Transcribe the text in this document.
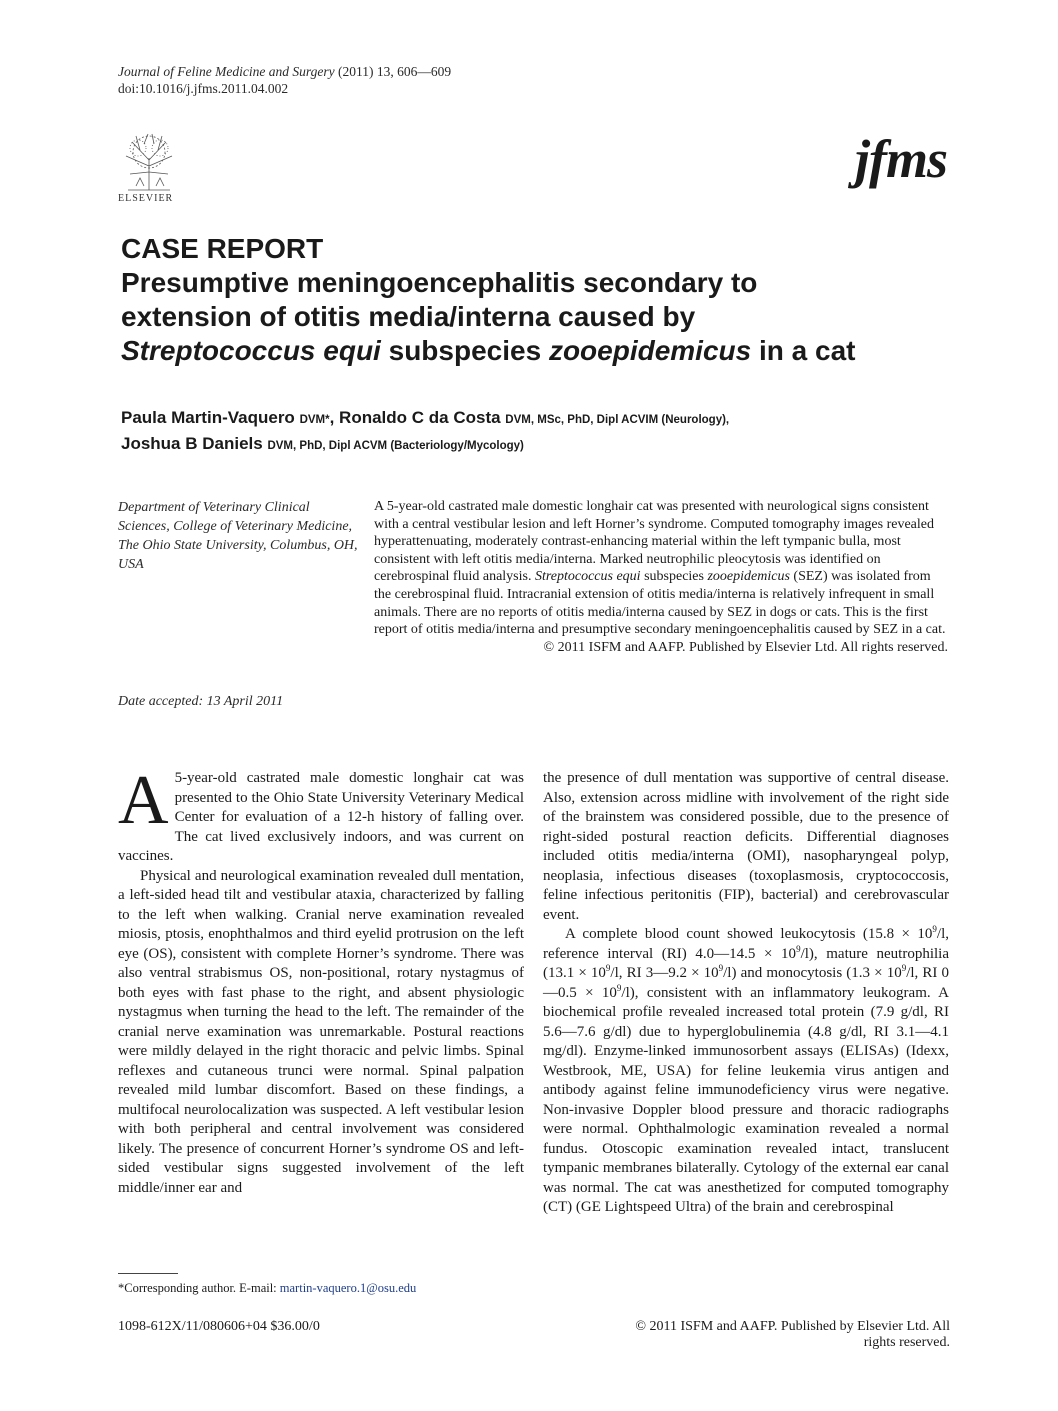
Journal of Feline Medicine and Surgery (2011) 13, 606—609
doi:10.1016/j.jfms.2011.04.002
ELSEVIER
jfms
CASE REPORT
Presumptive meningoencephalitis secondary to
extension of otitis media/interna caused by
Streptococcus equi subspecies zooepidemicus in a cat
Paula Martin-Vaquero DVM*, Ronaldo C da Costa DVM, MSc, PhD, Dipl ACVIM (Neurology),
Joshua B Daniels DVM, PhD, Dipl ACVM (Bacteriology/Mycology)
Department of Veterinary Clinical Sciences, College of Veterinary Medicine, The Ohio State University, Columbus, OH, USA
Date accepted: 13 April 2011
A 5-year-old castrated male domestic longhair cat was presented with neurological signs consistent with a central vestibular lesion and left Horner’s syndrome. Computed tomography images revealed hyperattenuating, moderately contrast-enhancing material within the left tympanic bulla, most consistent with left otitis media/interna. Marked neutrophilic pleocytosis was identified on cerebrospinal fluid analysis. Streptococcus equi subspecies zooepidemicus (SEZ) was isolated from the cerebrospinal fluid. Intracranial extension of otitis media/interna is relatively infrequent in small animals. There are no reports of otitis media/interna caused by SEZ in dogs or cats. This is the first report of otitis media/interna and presumptive secondary meningoencephalitis caused by SEZ in a cat.
© 2011 ISFM and AAFP. Published by Elsevier Ltd. All rights reserved.

A 5-year-old castrated male domestic longhair cat was presented to the Ohio State University Veterinary Medical Center for evaluation of a 12-h history of falling over. The cat lived exclusively indoors, and was current on vaccines.

Physical and neurological examination revealed dull mentation, a left-sided head tilt and vestibular ataxia, characterized by falling to the left when walking. Cranial nerve examination revealed miosis, ptosis, enophthalmos and third eyelid protrusion on the left eye (OS), consistent with complete Horner’s syndrome. There was also ventral strabismus OS, non-positional, rotary nystagmus of both eyes with fast phase to the right, and absent physiologic nystagmus when turning the head to the left. The remainder of the cranial nerve examination was unremarkable. Postural reactions were mildly delayed in the right thoracic and pelvic limbs. Spinal reflexes and cutaneous trunci were normal. Spinal palpation revealed mild lumbar discomfort. Based on these findings, a multifocal neurolocalization was suspected. A left vestibular lesion with both peripheral and central involvement was considered likely. The presence of concurrent Horner’s syndrome OS and left-sided vestibular signs suggested involvement of the left middle/inner ear and

the presence of dull mentation was supportive of central disease. Also, extension across midline with involvement of the right side of the brainstem was considered possible, due to the presence of right-sided postural reaction deficits. Differential diagnoses included otitis media/interna (OMI), nasopharyngeal polyp, neoplasia, infectious diseases (toxoplasmosis, cryptococcosis, feline infectious peritonitis (FIP), bacterial) and cerebrovascular event.

A complete blood count showed leukocytosis ($15.8 \times 10^9/l$, reference interval (RI) 4.0—14.5 × $10^9/l$), mature neutrophilia ($13.1 \times 10^9/l$, RI 3—9.2 × $10^9/l$) and monocytosis ($1.3 \times 10^9/l$, RI 0—0.5 × $10^9/l$), consistent with an inflammatory leukogram. A biochemical profile revealed increased total protein (7.9 g/dl, RI 5.6—7.6 g/dl) due to hyperglobulinemia (4.8 g/dl, RI 3.1—4.1 mg/dl). Enzyme-linked immunosorbent assays (ELISAs) (Idexx, Westbrook, ME, USA) for feline leukemia virus antigen and antibody against feline immunodeficiency virus were negative. Non-invasive Doppler blood pressure and thoracic radiographs were normal. Ophthalmologic examination revealed a normal fundus. Otoscopic examination revealed intact, translucent tympanic membranes bilaterally. Cytology of the external ear canal was normal. The cat was anesthetized for computed tomography (CT) (GE Lightspeed Ultra) of the brain and cerebrospinal

*Corresponding author. E-mail: martin-vaquero.1@osu.edu
1098-612X/11/080606+04 $36.00/0	© 2011 ISFM and AAFP. Published by Elsevier Ltd. All rights reserved.
